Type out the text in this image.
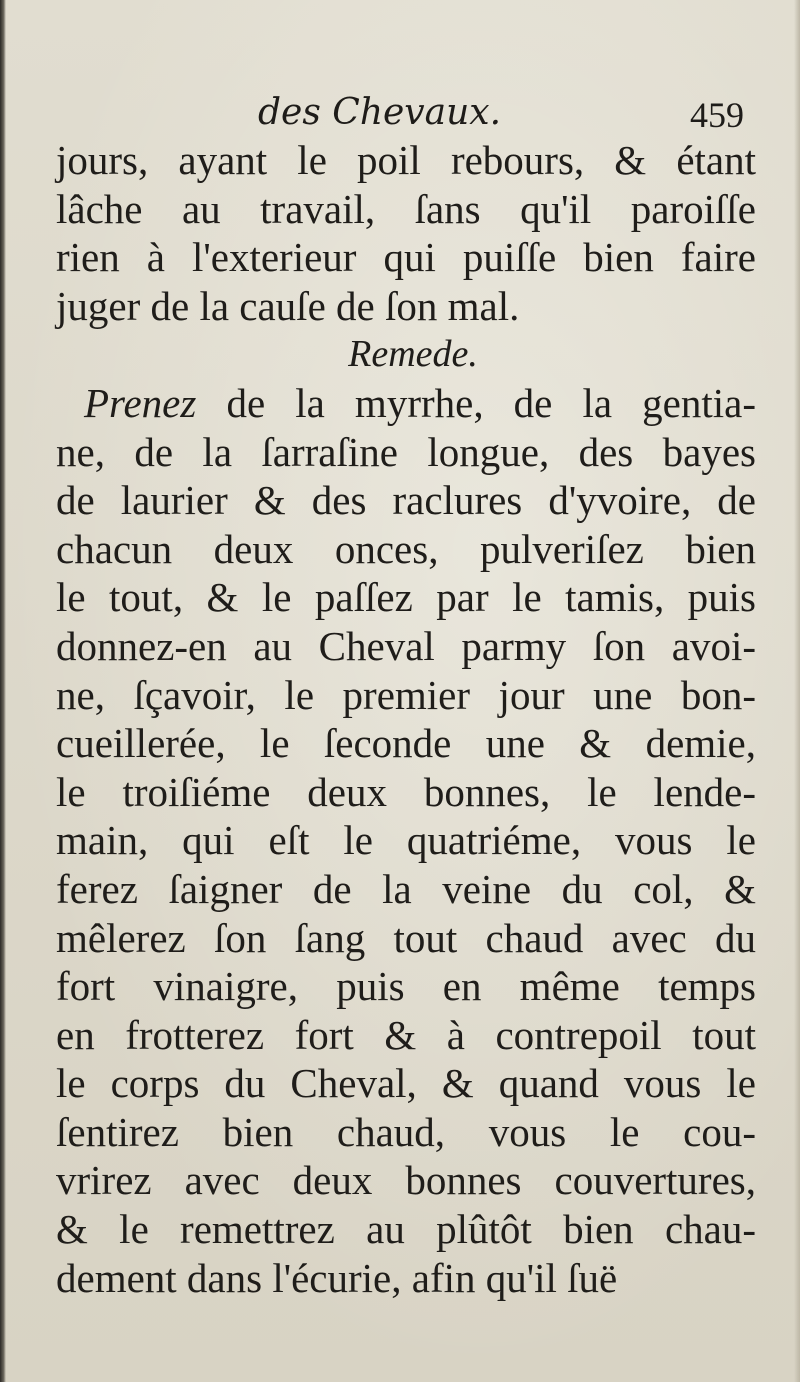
des Chevaux.	459
jours, ayant le poil rebours, & étant
lâche au travail, ſans qu'il paroiſſe
rien à l'exterieur qui puiſſe bien faire
juger de la cauſe de ſon mal.
Remede.
Prenez de la myrrhe, de la gentia-
ne, de la ſarraſine longue, des bayes
de laurier & des raclures d'yvoire, de
chacun deux onces, pulveriſez bien
le tout, & le paſſez par le tamis, puis
donnez-en au Cheval parmy ſon avoi-
ne, ſçavoir, le premier jour une bon-
cueillerée, le ſeconde une & demie,
le troiſiéme deux bonnes, le lende-
main, qui eſt le quatriéme, vous le
ferez ſaigner de la veine du col, &
mêlerez ſon ſang tout chaud avec du
fort vinaigre, puis en même temps
en frotterez fort & à contrepoil tout
le corps du Cheval, & quand vous le
ſentirez bien chaud, vous le cou-
vrirez avec deux bonnes couvertures,
& le remettrez au plûtôt bien chau-
dement dans l'écurie, afin qu'il ſuë
